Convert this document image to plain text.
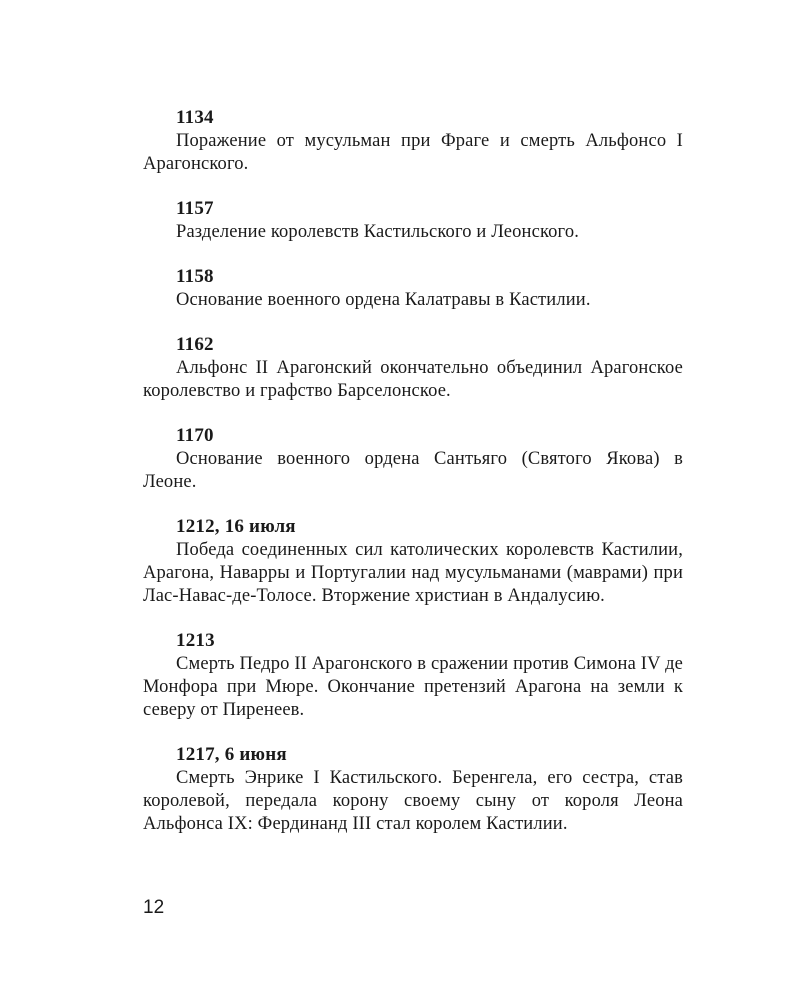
1134
Поражение от мусульман при Фраге и смерть Альфонсо I Арагонского.
1157
Разделение королевств Кастильского и Леонского.
1158
Основание военного ордена Калатравы в Кастилии.
1162
Альфонс II Арагонский окончательно объединил Арагонское королевство и графство Барселонское.
1170
Основание военного ордена Сантьяго (Святого Якова) в Леоне.
1212, 16 июля
Победа соединенных сил католических королевств Кастилии, Арагона, Наварры и Португалии над мусульманами (маврами) при Лас-Навас-де-Толосе. Вторжение христиан в Андалусию.
1213
Смерть Педро II Арагонского в сражении против Симона IV де Монфора при Мюре. Окончание претензий Арагона на земли к северу от Пиренеев.
1217, 6 июня
Смерть Энрике I Кастильского. Беренгела, его сестра, став королевой, передала корону своему сыну от короля Леона Альфонса IX: Фердинанд III стал королем Кастилии.
12
